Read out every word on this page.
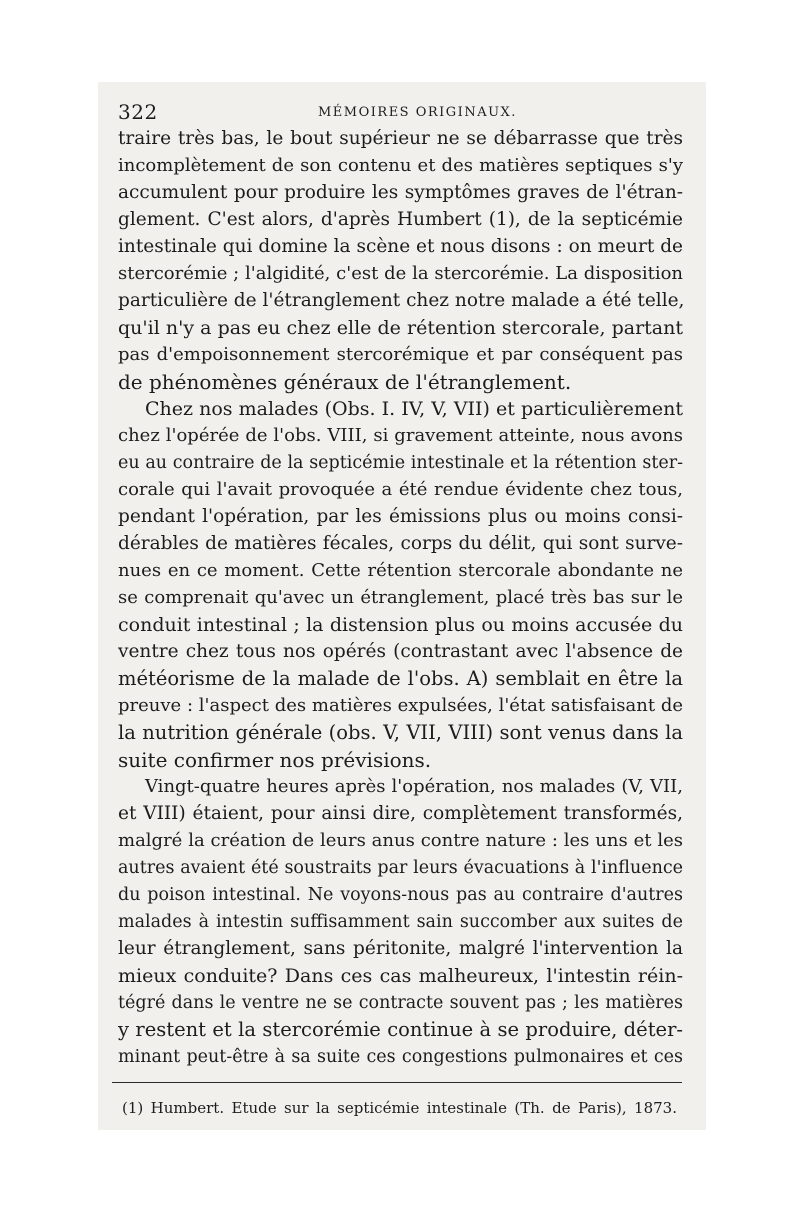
322	MÉMOIRES ORIGINAUX.
traire très bas, le bout supérieur ne se débarrasse que très
incomplètement de son contenu et des matières septiques s'y
accumulent pour produire les symptômes graves de l'étran-
glement. C'est alors, d'après Humbert (1), de la septicémie
intestinale qui domine la scène et nous disons : on meurt de
stercorémie ; l'algidité, c'est de la stercorémie. La disposition
particulière de l'étranglement chez notre malade a été telle,
qu'il n'y a pas eu chez elle de rétention stercorale, partant
pas d'empoisonnement stercorémique et par conséquent pas
de phénomènes généraux de l'étranglement.
Chez nos malades (Obs. I. IV, V, VII) et particulièrement
chez l'opérée de l'obs. VIII, si gravement atteinte, nous avons
eu au contraire de la septicémie intestinale et la rétention ster-
corale qui l'avait provoquée a été rendue évidente chez tous,
pendant l'opération, par les émissions plus ou moins consi-
dérables de matières fécales, corps du délit, qui sont surve-
nues en ce moment. Cette rétention stercorale abondante ne
se comprenait qu'avec un étranglement, placé très bas sur le
conduit intestinal ; la distension plus ou moins accusée du
ventre chez tous nos opérés (contrastant avec l'absence de
météorisme de la malade de l'obs. A) semblait en être la
preuve : l'aspect des matières expulsées, l'état satisfaisant de
la nutrition générale (obs. V, VII, VIII) sont venus dans la
suite confirmer nos prévisions.
Vingt-quatre heures après l'opération, nos malades (V, VII,
et VIII) étaient, pour ainsi dire, complètement transformés,
malgré la création de leurs anus contre nature : les uns et les
autres avaient été soustraits par leurs évacuations à l'influence
du poison intestinal. Ne voyons-nous pas au contraire d'autres
malades à intestin suffisamment sain succomber aux suites de
leur étranglement, sans péritonite, malgré l'intervention la
mieux conduite? Dans ces cas malheureux, l'intestin réin-
tégré dans le ventre ne se contracte souvent pas ; les matières
y restent et la stercorémie continue à se produire, déter-
minant peut-être à sa suite ces congestions pulmonaires et ces
(1) Humbert. Etude sur la septicémie intestinale (Th. de Paris), 1873.
